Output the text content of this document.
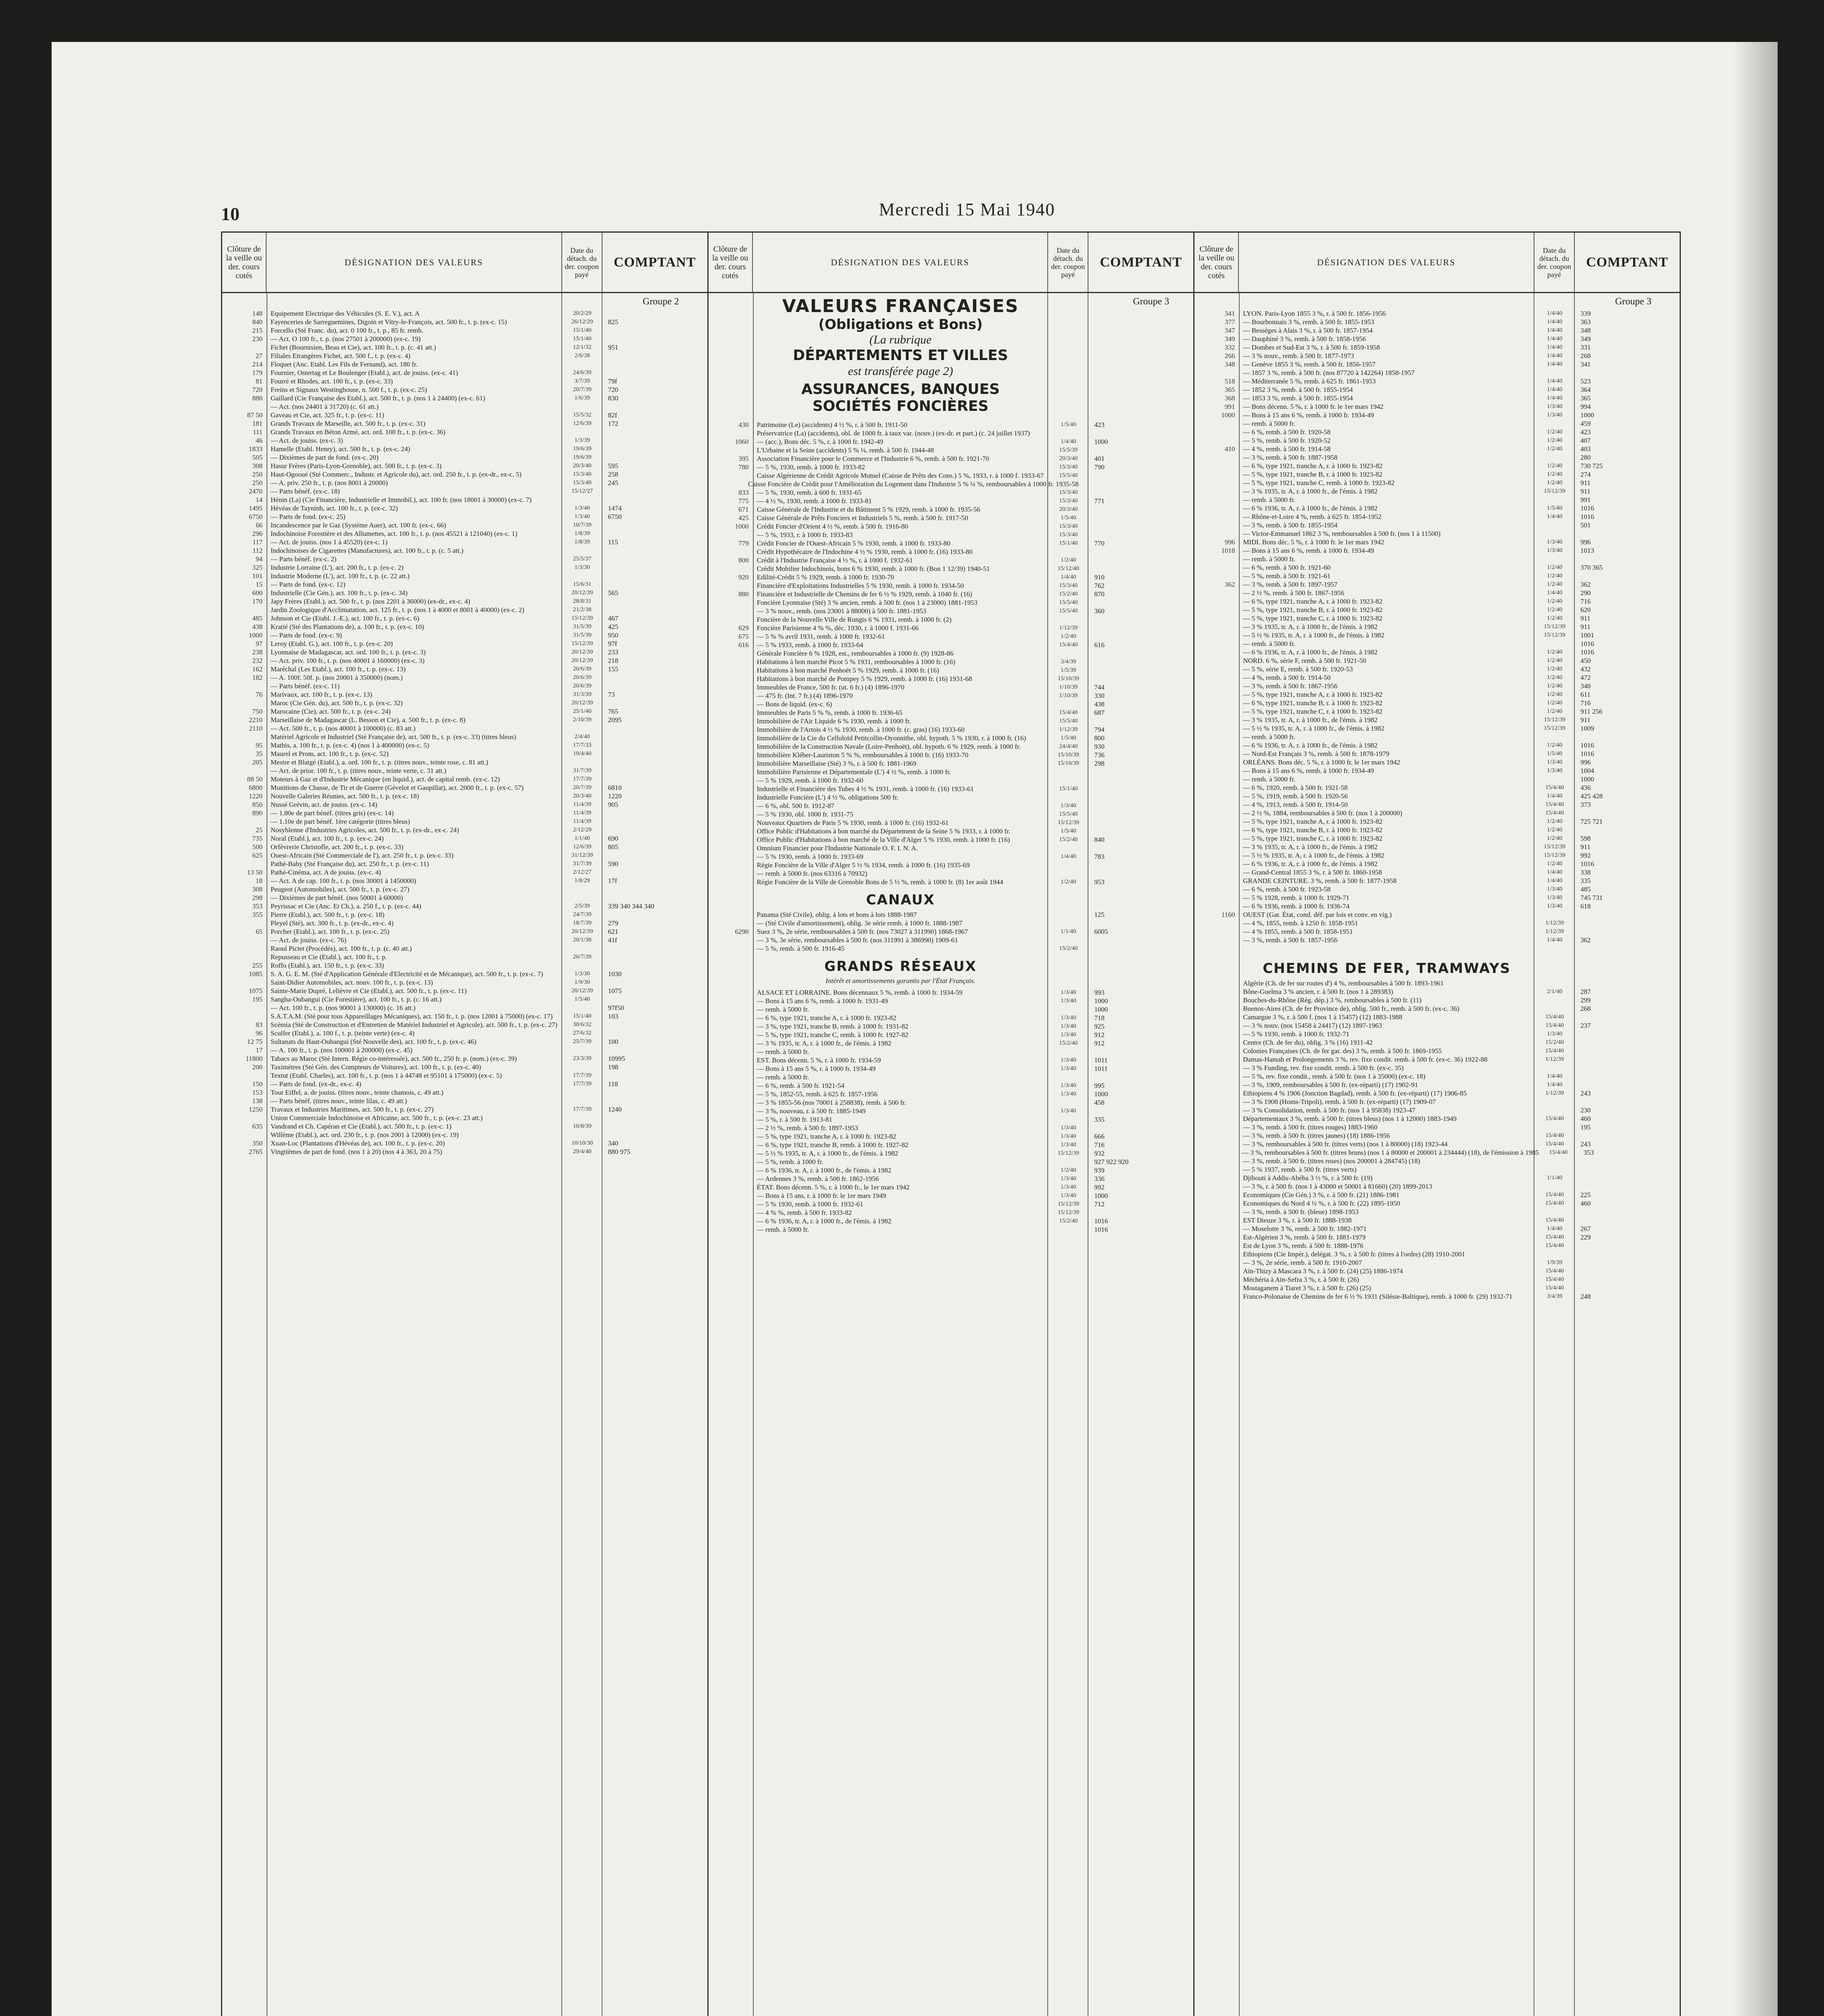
10	Mercredi 15 Mai 1940
Clôture de la veille ou der. cours cotés
DÉSIGNATION DES VALEURS
Date du détach. du der. coupon payé
COMPTANT
Groupe 2
148	Equipement Electrique des Véhicules (S. E. V.), act. A	20/2/29
840	Fayenceries de Sarreguemines, Digoin et Vitry-le-François, act. 500 fr., t. p. (ex-c. 15)	26/12/29	825
215	Forcello (Sté Franc. du), act. 0 100 fr., t. p., 85 fr. remb.	15/1/40
230	— Act. O 100 fr., t. p. (nos 27501 à 200000) (ex-c. 19)	15/1/40
Fichet (Bournisien, Beau et Cie), act. 100 fr., t. p. (c. 41 att.)	12/1/32	951
27	Filiales Etrangères Fichet, act. 500 f., t. p. (ex-c. 4)	2/6/38
214	Floquet (Anc. Etabl. Les Fils de Fernand), act. 180 fr.
179	Fournier, Ostertag et Le Boulenger (Etabl.), act. de jouiss. (ex-c. 41)	24/6/39
81	Fourré et Rhodes, act. 100 fr., t. p. (ex-c. 33)	3/7/39	79f
720	Freins et Signaux Westinghouse, n. 500 f., t. p. (ex-c. 25)	20/7/39	720
880	Gaillard (Cie Française des Etabl.), act. 500 fr., t. p. (nos 1 à 24400) (ex-c. 61)	1/6/39	830
— Act. (nos 24401 à 31720) (c. 61 att.)
87 50	Gaveau et Cie, act. 325 fr., t. p. (ex-c. 11)	15/5/32	82f
181	Grands Travaux de Marseille, act. 500 fr., t. p. (ex-c. 31)	12/6/39	172
111	Grands Travaux en Béton Armé, act. ord. 100 fr., t. p. (ex-c. 36)
46	— Act. de jouiss. (ex-c. 3)	1/3/39
1833	Hamelle (Etabl. Henry), act. 500 fr., t. p. (ex-c. 24)	19/6/39
505	— Dixièmes de part de fond. (ex-c. 20)	19/6/39
308	Hasur Frères (Paris-Lyon-Grenoble), act. 500 fr., t. p. (ex-c. 3)	20/3/40	595
250	Haut-Ogooué (Sté Commerc., Industr. et Agricole du), act. ord. 250 fr., t. p. (ex-dr., ex-c. 5)	15/3/40	258
250	— A. priv. 250 fr., t. p. (nos 8001 à 20000)	15/3/40	245
2470	— Parts bénéf. (ex-c. 18)	15/12/27
14	Hénin (La) (Cie Financière, Industrielle et Immobil.), act. 100 fr. (nos 18001 à 30000) (ex-c. 7)
1495	Hévéas de Tayninh, act. 100 fr., t. p. (ex-c. 32)	1/3/40	1474
6750	— Parts de fond. (ex-c. 25)	1/3/40	6750
66	Incandescence par le Gaz (Système Auer), act. 100 fr. (ex-c. 66)	10/7/39
296	Indochinoise Forestière et des Allumettes, act. 100 fr., t. p. (nos 45521 à 121040) (ex-c. 1)	1/8/39
117	— Act. de jouiss. (nos 1 à 45520) (ex-c. 1)	1/8/39	115
112	Indochinoises de Cigarettes (Manufactures), act. 100 fr., t. p. (c. 5 att.)
94	— Parts bénéf. (ex-c. 2)	25/5/37
325	Industrie Lorraine (L'), act. 200 fr., t. p. (ex-c. 2)	1/3/30
101	Industrie Moderne (L'), act. 100 fr., t. p. (c. 22 att.)
15	— Parts de fond. (ex-c. 12)	15/6/31
600	Industrielle (Cie Gén.), act. 100 fr., t. p. (ex-c. 34)	20/12/39	565
170	Japy Frères (Etabl.), act. 500 fr., t. p. (nos 2201 à 36000) (ex-dr., ex-c. 4)	28/8/31
Jardin Zoologique d'Acclimatation, act. 125 fr., t. p. (nos 1 à 4000 et 8001 à 40000) (ex-c. 2)	21/2/38
485	Johnson et Cie (Etabl. J.-E.), act. 100 fr., t. p. (ex-c. 6)	15/12/39	467
438	Kratié (Sté des Plantations de), a. 100 fr., t. p. (ex-c. 10)	31/5/39	425
1000	— Parts de fond. (ex-c. 9)	31/5/39	950
97	Leroy (Etabl. G.), act. 100 fr., t. p. (ex-c. 20)	15/12/39	97f
238	Lyonnaise de Madagascar, act. ord. 100 fr., t. p. (ex-c. 3)	20/12/39	233
232	— Act. priv. 100 fr., t. p. (nos 40001 à 160000) (ex-c. 3)	20/12/39	218
162	Maréchal (Les Etabl.), act. 100 fr., t. p. (ex-c. 13)	20/6/39	155
182	— A. 100f. 50f. p. (nos 20001 à 350000) (nom.)	20/6/39
— Parts bénéf. (ex-c. 11)	20/6/39
76	Marivaux, act. 100 fr., t. p. (ex-c. 13)	31/3/39	73
Maroc (Cie Gén. du), act. 500 fr., t. p. (ex-c. 32)	20/12/39
750	Marocaine (Cie), act. 500 fr., t. p. (ex-c. 24)	25/1/40	765
2210	Marseillaise de Madagascar (L. Besson et Cie), a. 500 fr., t. p. (ex-c. 8)	2/10/39	2095
2110	— Act. 500 fr., t. p. (nos 40001 à 100000) (c. 83 att.)
Matériel Agricole et Industriel (Sté Française de), act. 500 fr., t. p. (ex-c. 33) (titres bleus)	2/4/40
95	Mathis, a. 100 fr., t. p. (ex-c. 4) (nos 1 à 400000) (ex-c. 5)	17/7/33
35	Maurel et Prom, act. 100 fr., t. p. (ex-c. 52)	19/4/40
205	Mestre et Blatgé (Etabl.), a. ord. 100 fr., t. p. (titres nouv., teinte rose, c. 81 att.)
— Act. de prior. 100 fr., t. p. (titres nouv., teinte verte, c. 31 att.)	31/7/39
88 50	Moteurs à Gaz et d'Industrie Mécanique (en liquid.), act. de capital remb. (ex-c. 12)	17/7/39
6800	Munitions de Chasse, de Tir et de Guerre (Gévelot et Gaupillat), act. 2000 fr., t. p. (ex-c. 57)	20/7/39	6810
1220	Nouvelle Galeries Réunies, act. 500 fr., t. p. (ex-c. 18)	20/3/40	1220
850	Nussé Grévin, act. de jouiss. (ex-c. 14)	11/4/39	905
890	— 1.80e de part bénéf. (titres gris) (ex-c. 14)	11/4/39
— 1.10e de part bénéf. 1ère catégorie (titres bleus)	11/4/39
25	Nosyblenne d'Industries Agricoles, act. 500 fr., t. p. (ex-dr., ex-c. 24)	2/12/29
735	Noral (Etabl.), act. 100 fr., t. p. (ex-c. 24)	1/1/40	690
500	Orfèvrerie Christofle, act. 200 fr., t. p. (ex-c. 33)	12/6/39	805
625	Ouest-Africain (Sté Commerciale de l'), act. 250 fr., t. p. (ex-c. 33)	31/12/39
Pathé-Baby (Sté Française du), act. 250 fr., t. p. (ex-c. 11)	31/7/39	590
13 50	Pathé-Cinéma, act. A de jouiss. (ex-c. 4)	2/12/27
18	— Act. A de cap. 100 fr., t. p. (nos 30001 à 1450000)	1/8/29	17f
308	Peugeot (Automobiles), act. 500 fr., t. p. (ex-c. 27)
298	— Dixièmes de part bénéf. (nos 50001 à 60000)
353	Peyrissac et Cie (Anc. Et Ch.), a. 250 f., t. p. (ex-c. 44)	2/5/39	339 340 344 340
355	Pierre (Etabl.), act. 500 fr., t. p. (ex-c. 18)	24/7/39
Pleyel (Sté), act. 300 fr., t. p. (ex-dr., ex-c. 4)	18/7/39	279
65	Porcher (Etabl.), act. 100 fr., t. p. (ex-c. 25)	20/12/39	621
— Act. de jouiss. (ex-c. 76)	20/1/38	41f
Raoul Pictet (Procédés), act. 100 fr., t. p. (c. 40 att.)
Repusseau et Cie (Etabl.), act. 100 fr., t. p.	26/7/39
255	Roffo (Etabl.), act. 150 fr., t. p. (ex-c. 33)
1085	S. A. G. E. M. (Sté d'Application Générale d'Electricité et de Mécanique), act. 500 fr., t. p. (ex-c. 7)	1/3/30	1030
Saint-Didier Automobiles, act. nouv. 100 fr., t. p. (ex-c. 13)	1/9/30
1075	Sainte-Marie Dupré, Lelièvre et Cie (Etabl.), act. 500 fr., t. p. (ex-c. 11)	20/12/39	1075
195	Sangha-Oubangui (Cie Forestière), act. 100 fr., t. p. (c. 16 att.)	1/5/40
— Act. 100 fr., t. p. (nos 90001 à 130000) (c. 16 att.)	97f50
S.A.T.A.M. (Sté pour tous Appareillages Mécaniques), act. 150 fr., t. p. (nos 12001 à 75000) (ex-c. 17)	15/1/40	103
83	Scémia (Sté de Construction et d'Entretien de Matériel Industriel et Agricole), act. 500 fr., t. p. (ex-c. 27)	30/6/32
96	Sculfer (Etabl.), a. 100 f., t. p. (teinte verte) (ex-c. 4)	27/6/32
12 75	Sultanats du Haut-Oubangui (Sté Nouvelle des), act. 100 fr., t. p. (ex-c. 46)	25/7/39	100
17	— A. 100 fr., t. p. (nos 100001 à 200000) (ex-c. 45)
11800	Tabacs au Maroc (Sté Intern. Régie co-intéressée), act. 500 fr., 250 fr. p. (nom.) (ex-c. 39)	23/3/39	10995
200	Taximètres (Sté Gén. des Compteurs de Voitures), act. 100 fr., t. p. (ex-c. 40)	198
Textut (Etabl. Charles), act. 100 fr., t. p. (nos 1 à 44748 et 95101 à 175000) (ex-c. 5)	17/7/39
150	— Parts de fond. (ex-dr., ex-c. 4)	17/7/39	118
153	Tour Eiffel, a. de jouiss. (titres nouv., teinte chamois, c. 49 att.)
138	— Parts bénéf. (titres nouv., teinte lilas, c. 49 att.)
1250	Travaux et Industries Maritimes, act. 500 fr., t. p. (ex-c. 27)	17/7/39	1240
Union Commerciale Indochinoise et Africaine, act. 500 fr., t. p. (ex-c. 23 att.)
635	Vandrand et Ch. Capéran et Cie (Etabl.), act. 500 fr., t. p. (ex-c. 1)	10/8/39
Willème (Etabl.), act. ord. 230 fr., t. p. (nos 2001 à 12000) (ex-c. 19)
350	Xuan-Loc (Plantations d'Hévéas de), act. 100 fr., t. p. (ex-c. 20)	10/10/30	340
2765	Vingtièmes de part de fond. (nos 1 à 20) (nos 4 à 363, 20 à 75)	29/4/40	880 975
Clôture de la veille ou der. cours cotés
DÉSIGNATION DES VALEURS
Date du détach. du der. coupon payé
COMPTANT
Groupe 3
VALEURS FRANÇAISES
(Obligations et Bons)
(La rubrique
DÉPARTEMENTS ET VILLES
est transférée page 2)
ASSURANCES, BANQUES SOCIÉTÉS FONCIÈRES
430	Patrimoine (Le) (accidents) 4 ½ %, r. à 500 fr. 1911-50	1/5/40	423
Préservatrice (La) (accidents), obl. de 1000 fr. à taux var. (nouv.) (ex-dr. et part.) (c. 24 juillet 1937)
1060	— (acc.), Bons déc. 5 %, r. à 1000 fr. 1942-49	1/4/40	1000
L'Urbaine et la Seine (accidents) 5 % ¼, remb. à 500 fr. 1944-48	15/5/39
395	Association Financière pour le Commerce et l'Industrie 6 %, remb. à 500 fr. 1921-70	20/3/40	401
780	— 5 %, 1930, remb. à 1000 fr. 1933-82	15/3/40	790
Caisse Algérienne de Crédit Agricole Mutuel (Caisse de Prêts des Cons.) 5 %, 1933, r. à 1000 f. 1933-67	15/5/40
Caisse Foncière de Crédit pour l'Amélioration du Logement dans l'Industrie 5 % ¼ %, remboursables à 1000 fr. 1935-58
833	— 5 %, 1930, remb. à 600 fr. 1931-65	15/3/40
775	— 4 ½ %, 1930, remb. à 1000 fr. 1933-81	15/3/40	771
671	Caisse Générale de l'Industrie et du Bâtiment 5 % 1929, remb. à 1000 fr. 1935-56	20/3/40
425	Caisse Générale de Prêts Fonciers et Industriels 5 %, remb. à 500 fr. 1917-50	1/5/40
1000	Crédit Foncier d'Orient 4 ½ %, remb. à 500 fr. 1916-80	15/3/40
— 5 %, 1933, r. à 1000 fr. 1933-83	15/3/40
779	Crédit Foncier de l'Ouest-Africain 5 % 1930, remb. à 1000 fr. 1933-80	15/1/40	770
Crédit Hypothécaire de l'Indochine 4 ½ % 1930, remb. à 1000 fr. (16) 1933-80
800	Crédit à l'Industrie Française 4 ½ %, r. à 1000 f. 1932-61	1/2/40
Crédit Mobilier Indochinois, bons 6 % 1930, remb. à 1000 fr. (Bon 1 12/39) 1940-51	15/12/40
920	Edilité-Crédit 5 % 1929, remb. à 1000 fr. 1930-70	1/4/40	910
Financière d'Exploitations Industrielles 5 % 1930, remb. à 1000 fr. 1934-50	15/3/40	762
880	Financière et Industrielle de Chemins de fer 6 ½ % 1929, remb. à 1040 fr. (16)	15/2/40	870
Foncière Lyonnaise (Sté) 3 % ancien, remb. à 500 fr. (nos 1 à 23000) 1881-1953	15/5/40
— 3 % nouv., remb. (nos 23001 à 88000) à 500 fr. 1881-1953	15/5/40	360
Foncière de la Nouvelle Ville de Rungis 6 % 1931, remb. à 1000 fr. (2)
629	Foncière Parisienne 4 % %, déc. 1930, r. à 1000 f. 1931-66	1/12/39
675	— 5 % % avril 1931, remb. à 1000 fr. 1932-61	1/2/40
616	— 5 % 1933, remb. à 1000 fr. 1933-64	15/4/40	616
Générale Foncière 6 % 1928, est., remboursables à 1000 fr. (9) 1928-86
Habitations à bon marché Picot 5 % 1931, remboursables à 1000 fr. (16)	3/4/39
Habitations à bon marché Penhoët 5 % 1929, remb. à 1000 fr. (16)	1/5/39
Habitations à bon marché de Pompey 5 % 1929, remb. à 1000 fr. (16) 1931-68	15/10/39
Immeubles de France, 500 fr. (ut. 6 fr.) (4) 1896-1970	1/10/39	744
— 475 fr. (Int. 7 fr.) (4) 1896-1970	1/10/39	330
— Bons de liquid. (ex-c. 6)	438
Immeubles de Paris 5 % %, remb. à 1000 fr. 1936-65	15/4/40	687
Immobilière de l'Air Liquide 6 % 1930, remb. à 1000 fr.	15/5/40
Immobilière de l'Artois 4 ½ % 1930, remb. à 1000 fr. (c. gras) (16) 1933-60	1/12/39	794
Immobilière de la Cie du Celluloïd Petitcollin-Oyonnithe, obl. hypoth. 5 % 1930, r. à 1000 fr. (16)	1/5/40	800
Immobilière de la Construction Navale (Loire-Penhoët), obl. hypoth. 6 % 1929, remb. à 1000 fr.	24/4/40	930
Immobilière Kléber-Lauriston 5 % %, remboursables à 1000 fr. (16) 1933-70	15/10/39	736
Immobilière Marseillaise (Sté) 3 %, r. à 500 fr. 1881-1969	15/10/39	298
Immobilière Parisienne et Départementale (L') 4 ½ %, remb. à 1000 fr.
— 5 % 1929, remb. à 1000 fr. 1932-60
Industrielle et Financière des Tubes 4 ½ % 1931, remb. à 1000 fr. (16) 1933-61	15/1/40
Industrielle Foncière (L') 4 ½ %, obligations 500 fr.
— 6 %, obl. 500 fr. 1912-87	1/3/40
— 5 % 1930, obl. 1000 fr. 1931-75	15/5/40
Nouveaux Quartiers de Paris 5 % 1930, remb. à 1000 fr. (16) 1932-61	15/12/39
Office Public d'Habitations à bon marché du Département de la Seine 5 % 1933, r. à 1000 fr.	1/5/40
Office Public d'Habitations à bon marché de la Ville d'Alger 5 % 1930, remb. à 1000 fr. (16)	15/2/40	840
Omnium Financier pour l'Industrie Nationale O. F. I. N. A.
— 5 % 1930, remb. à 1000 fr. 1933-69	1/4/40	783
Régie Foncière de la Ville d'Alger 5 ½ % 1934, remb. à 1000 fr. (16) 1935-69
— remb. à 5000 fr. (nos 63316 à 70932)
Régie Foncière de la Ville de Grenoble Bons de 5 ½ %, remb. à 1000 fr. (8) 1er août 1944	1/2/40	953
CANAUX
Panama (Sté Civile), oblig. à lots et bons à lots 1888-1987	125
— (Sté Civile d'amortissement), oblig. 3e série remb. à 1000 fr. 1888-1987
6290	Suez 3 %, 2e série, remboursables à 500 fr. (nos 73027 à 311990) 1868-1967	1/1/40	6005
— 3 %, 3e série, remboursables à 500 fr. (nos 311991 à 386990) 1909-61
— 5 %, remb. à 500 fr. 1916-45	15/2/40
GRANDS RÉSEAUX
Intérêt et amortissements garantis par l'État Français.
ALSACE ET LORRAINE. Bons décennaux 5 %, remb. à 1000 fr. 1934-59	1/3/40	993
— Bons à 15 ans 6 %, remb. à 1000 fr. 1931-49	1/3/40	1000
— remb. à 5000 fr.	1000
— 6 %, type 1921, tranche A, r. à 1000 fr. 1923-82	1/3/40	718
— 3 %, type 1921, tranche B, remb. à 1000 fr. 1931-82	1/3/40	925
— 5 %, type 1921, tranche C, remb. à 1000 fr. 1927-82	1/3/40	912
— 3 % 1935, tr. A, r. à 1000 fr., de l'émis. à 1982	15/2/40	912
— remb. à 5000 fr.
EST. Bons décenn. 5 %, r. à 1000 fr. 1934-59	1/3/40	1011
— Bons à 15 ans 5 %, r. à 1000 fr. 1934-49	1/3/40	1011
— remb. à 5000 fr.
— 6 %, remb. à 500 fr. 1921-54	1/3/40	995
— 5 %, 1852-55, remb. à 625 fr. 1857-1956	1/3/40	1000
— 3 % 1855-56 (nos 70001 à 258838), remb. à 500 fr.	458
— 3 %, nouveau, r. à 500 fr. 1885-1949	1/3/40
— 5 %, r. à 500 fr. 1913-81	335
— 2 ½ %, remb. à 500 fr. 1897-1953	1/3/40
— 5 %, type 1921, tranche A, r. à 1000 fr. 1923-82	1/3/40	666
— 6 %, type 1921, tranche B, remb. à 1000 fr. 1927-82	1/3/40	716
— 5 ½ % 1935, tr. A, r. à 1000 fr., de l'émis. à 1982	15/12/39	932
— 5 %, remb. à 1000 fr.	927 922 920
— 6 % 1936, tr. A, r. à 1000 fr., de l'émis. à 1982	1/2/40	939
— Ardennes 3 %, remb. à 500 fr. 1862-1956	1/3/40	336
ÉTAT. Bons décenn. 5 %, r. à 1000 fr., le 1er mars 1942	1/3/40	992
— Bons à 15 ans, r. à 1000 fr. le 1er mars 1949	1/3/40	1000
— 5 % 1930, remb. à 1000 fr. 1932-61	15/12/39	712
— 4 % %, remb. à 500 fr. 1933-82	15/12/39
— 6 % 1936, tr. A, r. à 1000 fr., de l'émis. à 1982	15/2/40	1016
— remb. à 5000 fr.	1016
Clôture de la veille ou der. cours cotés
DÉSIGNATION DES VALEURS
Date du détach. du der. coupon payé
COMPTANT
Groupe 3
341	LYON. Paris-Lyon 1855 3 %, r. à 500 fr. 1856-1956	1/4/40	339
377	— Bourbonnais 3 %, remb. à 500 fr. 1855-1953	1/4/40	363
347	— Bességes à Alais 3 %, r. à 500 fr. 1857-1954	1/4/40	348
349	— Dauphiné 3 %, remb. à 500 fr. 1858-1956	1/4/40	349
332	— Dombes et Sud-Est 3 %, r. à 500 fr. 1859-1958	1/4/40	331
266	— 3 % nouv., remb. à 500 fr. 1877-1973	1/4/40	268
348	— Genève 1855 3 %, remb. à 500 fr. 1856-1957	1/4/40	341
— 1857 3 %, remb. à 500 fr. (nos 87720 à 142264) 1858-1957
518	— Méditerranée 5 %, remb. à 625 fr. 1861-1953	1/4/40	523
365	— 1852 3 %, remb. à 500 fr. 1855-1954	1/4/40	364
368	— 1853 3 %, remb. à 500 fr. 1855-1954	1/4/40	365
991	— Bons décenn. 5 %, r. à 1000 fr. le 1er mars 1942	1/3/40	994
1000	— Bons à 15 ans 6 %, remb. à 1000 fr. 1934-49	1/3/40	1000
— remb. à 5000 fr.	459
— 6 %, remb. à 500 fr. 1920-58	1/2/40	423
— 5 %, remb. à 500 fr. 1920-52	1/2/40	407
410	— 4 %, remb. à 500 fr. 1914-58	1/2/40	403
— 3 %, remb. à 500 fr. 1887-1958	280
— 6 %, type 1921, tranche A, r. à 1000 fr. 1923-82	1/2/40	730 725
— 5 %, type 1921, tranche B, r. à 1000 fr. 1923-82	1/2/40	274
— 5 %, type 1921, tranche C, remb. à 1000 fr. 1923-82	1/2/40	911
— 3 % 1935, tr. A, r. à 1000 fr., de l'émis. à 1982	15/12/39	911
— remb. à 5000 fr.	991
— 6 % 1936, tr. A, r. à 1000 fr., de l'émis. à 1982	1/5/40	1016
— Rhône-et-Loire 4 %, remb. à 625 fr. 1854-1952	1/4/40	1016
— 3 %, remb. à 500 fr. 1855-1954	501
— Victor-Emmanuel 1862 3 %, remboursables à 500 fr. (nos 1 à 11500)
996	MIDI. Bons déc. 5 %, r. à 1000 fr. le 1er mars 1942	1/3/40	996
1018	— Bons à 15 ans 6 %, remb. à 1000 fr. 1934-49	1/3/40	1013
— remb. à 5000 fr.
— 6 %, remb. à 500 fr. 1921-60	1/2/40	370 365
— 5 %, remb. à 500 fr. 1921-61	1/2/40
362	— 3 %, remb. à 500 fr. 1897-1957	1/2/40	362
— 2 ½ %, remb. à 500 fr. 1867-1956	1/4/40	290
— 6 %, type 1921, tranche A, r. à 1000 fr. 1923-82	1/2/40	716
— 5 %, type 1921, tranche B, r. à 1000 fr. 1923-82	1/2/40	620
— 5 %, type 1921, tranche C, r. à 1000 fr. 1923-82	1/2/40	911
— 3 % 1935, tr. A, r. à 1000 fr., de l'émis. à 1982	15/12/39	911
— 5 ½ % 1935, tr. A, r. à 1000 fr., de l'émis. à 1982	15/12/39	1001
— remb. à 5000 fr.	1016
— 6 % 1936, tr. A, r. à 1000 fr., de l'émis. à 1982	1/2/40	1016
NORD. 6 %, série F, remb. à 500 fr. 1921-50	1/2/40	450
— 5 %, série E, remb. à 500 fr. 1920-53	1/2/40	432
— 4 %, remb. à 500 fr. 1914-50	1/2/40	472
— 3 %, remb. à 500 fr. 1867-1956	1/2/40	340
— 5 %, type 1921, tranche A, r. à 1000 fr. 1923-82	1/2/40	611
— 6 %, type 1921, tranche B, r. à 1000 fr. 1923-82	1/2/40	716
— 5 %, type 1921, tranche C, r. à 1000 fr. 1923-82	1/2/40	911 256
— 3 % 1935, tr. A, r. à 1000 fr., de l'émis. à 1982	15/12/39	911
— 5 ½ % 1935, tr. A, r. à 1000 fr., de l'émis. à 1982	15/12/39	1009
— remb. à 5000 fr.
— 6 % 1936, tr. A, r. à 1000 fr., de l'émis. à 1982	1/2/40	1016
— Nord-Est Français 3 %, remb. à 500 fr. 1878-1979	1/5/40	1016
ORLÉANS. Bons déc. 5 %, r. à 1000 fr. le 1er mars 1942	1/3/40	996
— Bons à 15 ans 6 %, remb. à 1000 fr. 1934-49	1/3/40	1004
— remb. à 5000 fr.	1000
— 6 %, 1920, remb. à 500 fr. 1921-58	15/4/40	436
— 5 %, 1919, remb. à 500 fr. 1920-56	1/4/40	425 428
— 4 %, 1913, remb. à 500 fr. 1914-50	15/4/40	373
— 2 ½ %, 1884, remboursables à 500 fr. (nos 1 à 200000)	15/4/40
— 5 %, type 1921, tranche A, r. à 1000 fr. 1923-82	1/2/40	725 721
— 6 %, type 1921, tranche B, r. à 1000 fr. 1923-82	1/2/40
— 5 %, type 1921, tranche C, r. à 1000 fr. 1923-82	1/2/40	598
— 3 % 1935, tr. A, r. à 1000 fr., de l'émis. à 1982	15/12/39	911
— 5 ½ % 1935, tr. A, r. à 1000 fr., de l'émis. à 1982	15/12/39	992
— 6 % 1936, tr. A, r. à 1000 fr., de l'émis. à 1982	1/2/40	1016
— Grand-Central 1855 3 %, r. à 500 fr. 1860-1958	1/4/40	338
GRANDE CEINTURE. 3 %, remb. à 500 fr. 1877-1958	1/4/40	335
— 6 %, remb. à 500 fr. 1923-58	1/3/40	485
— 5 % 1928, remb. à 1000 fr. 1929-71	1/3/40	745 731
— 6 % 1936, remb. à 1000 fr. 1936-74	1/3/40	618
1160	OUEST (Gar. État, cond. déf. par lois et conv. en vig.)
— 4 %, 1855, remb. à 1250 fr. 1858-1951	1/12/39
— 4 % 1855, remb. à 500 fr. 1858-1951	1/12/39
— 3 %, remb. à 500 fr. 1857-1956	1/4/40	362
CHEMINS DE FER, TRAMWAYS
Algérie (Ch. de fer sur routes d') 4 %, remboursables à 500 fr. 1893-1961
Bône-Guelma 3 % ancien, r. à 500 fr. (nos 1 à 289383)	2/1/40	287
Bouches-du-Rhône (Rég. dép.) 3 %, remboursables à 500 fr. (11)	299
Buenos-Aires (Ch. de fer Province de), oblig. 500 fr., remb. à 500 fr. (ex-c. 36)	268
Camargue 3 %, r. à 500 f. (nos 1 à 15457) (12) 1883-1988	15/4/40
— 3 % nouv. (nos 15458 à 24417) (12) 1897-1963	15/4/40	237
— 5 % 1930, remb. à 1000 fr. 1932-71	1/3/40
Centre (Ch. de fer du), oblig. 3 % (16) 1911-42	15/2/40
Colonies Françaises (Ch. de fer gar. des) 3 %, remb. à 500 fr. 1869-1955	15/4/40
Damas-Hamah et Prolongements 3 %, rev. fixe condit. remb. à 500 fr. (ex-c. 36) 1922-88	1/12/39
— 3 % Funding, rev. fixe condit. remb. à 500 fr. (ex-c. 35)
— 5 %, rev. fixe condit., remb. à 500 fr. (nos 1 à 35000) (ex-c. 18)	1/4/40
— 3 %, 1909, remboursables à 500 fr. (ex-réparti) (17) 1902-91	1/4/40
Ethiopiens 4 % 1906 (Jonction Bagdad), remb. à 500 fr. (ex-réparti) (17) 1906-85	1/12/39	243
— 3 % 1908 (Homs-Tripoli), remb. à 500 fr. (ex-réparti) (17) 1909-07
— 3 % Consolidation, remb. à 500 fr. (nos 1 à 95838) 1923-47	230
Départementaux 3 %, remb. à 500 fr. (titres bleus) (nos 1 à 12000) 1883-1949	15/4/40	460
— 3 %, remb. à 500 fr. (titres rouges) 1883-1960	195
— 3 %, remb. à 500 fr. (titres jaunes) (18) 1886-1956	15/4/40
— 3 %, remboursables à 500 fr. (titres verts) (nos 1 à 80000) (18) 1923-44	15/4/40	243
— 3 %, remboursables à 500 fr. (titres bruns) (nos 1 à 80000 et 200001 à 234444) (18), de l'émission à 1985	15/4/40	353
— 3 %, remb. à 500 fr. (titres roses) (nos 200001 à 284745) (18)
— 5 % 1937, remb. à 500 fr. (titres verts)
Djibouti à Addis-Abéba 3 ½ %, r. à 500 fr. (19)	1/1/40
— 3 %, r. à 500 fr. (nos 1 à 43000 et 50001 à 81660) (20) 1899-2013
Economiques (Cie Gén.) 3 %, r. à 500 fr. (21) 1886-1981	15/4/40	225
Economiques du Nord 4 ½ %, r. à 500 fr. (22) 1895-1950	15/4/40	460
— 3 %, remb. à 500 fr. (bleue) 1898-1953
EST Dieuze 3 %, r. à 500 fr. 1888-1938	15/4/40
— Moselotte 3 %, remb. à 500 fr. 1882-1971	1/4/40	267
Est-Algérien 3 %, remb. à 500 fr. 1881-1979	15/4/40	229
Est de Lyon 3 %, remb. à 500 fr. 1888-1976	15/4/40
Ethiopiens (Cie Impér.), delégat. 3 %, r. à 500 fr. (titres à l'ordre) (28) 1910-2001
— 3 %, 2e série, remb. à 500 fr. 1910-2007	1/9/39
Aïn-Thizy à Mascara 3 %, r. à 500 fr. (24) (25) 1886-1974	15/4/40
Méchéria à Aïn-Sefra 3 %, r. à 500 fr. (26)	15/4/40
Mostaganem à Tiaret 3 %, r. à 500 fr. (26) (25)	15/4/40
Franco-Polonaise de Chemins de fer 6 ½ % 1931 (Silésie-Baltique), remb. à 1000 fr. (29) 1932-71	3/4/39	248
